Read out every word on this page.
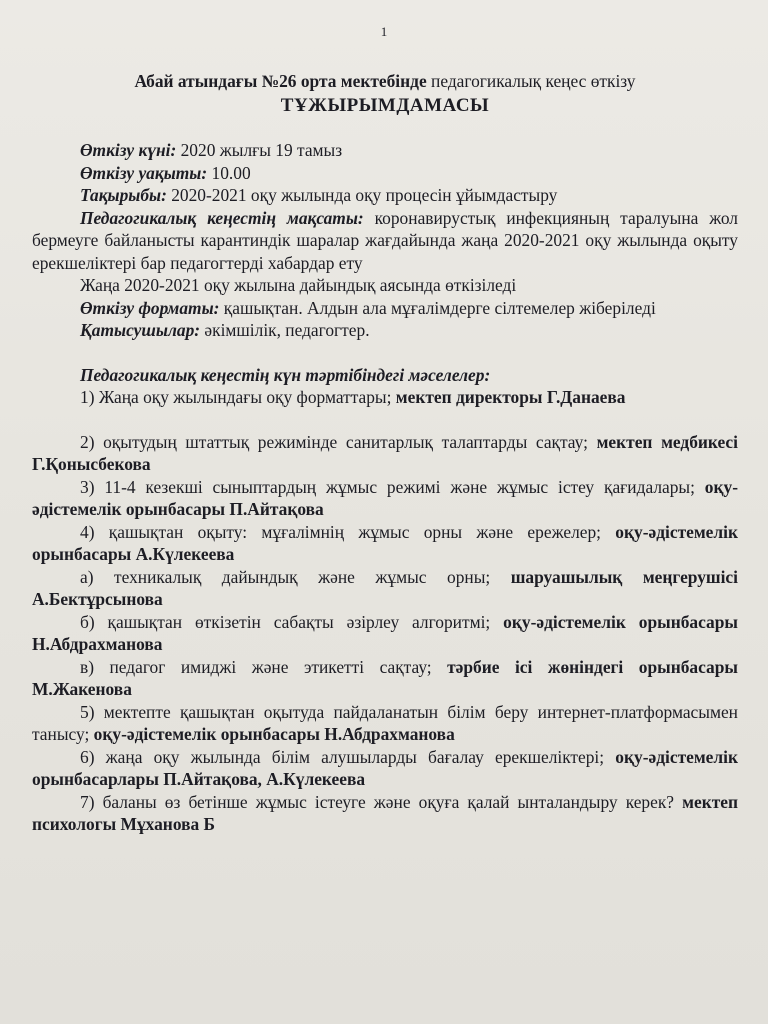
1
Абай атындағы №26 орта мектебінде педагогикалық кеңес өткізу
ТҰЖЫРЫМДАМАСЫ

Өткізу күні: 2020 жылғы 19 тамыз

Өткізу уақыты: 10.00

Тақырыбы: 2020-2021 оқу жылында оқу процесін ұйымдастыру

Педагогикалық кеңестің мақсаты: коронавирустық инфекцияның таралуына жол бермеуге байланысты карантиндік шаралар жағдайында жаңа 2020-2021 оқу жылында оқыту ерекшеліктері бар педагогтерді хабардар ету

Жаңа 2020-2021 оқу жылына дайындық аясында өткізіледі

Өткізу форматы: қашықтан. Алдын ала мұғалімдерге сілтемелер жіберіледі

Қатысушылар: әкімшілік, педагогтер.

Педагогикалық кеңестің күн тәртібіндегі мәселелер:

1) Жаңа оқу жылындағы оқу форматтары; мектеп директоры Г.Данаева

2) оқытудың штаттық режимінде санитарлық талаптарды сақтау; мектеп медбикесі Г.Қонысбекова

3) 11-4 кезекші сыныптардың жұмыс режимі және жұмыс істеу қағидалары; оқу-әдістемелік орынбасары П.Айтақова

4) қашықтан оқыту: мұғалімнің жұмыс орны және ережелер; оқу-әдістемелік орынбасары А.Күлекеева

а) техникалық дайындық және жұмыс орны; шаруашылық меңгерушісі А.Бектұрсынова

б) қашықтан өткізетін сабақты әзірлеу алгоритмі; оқу-әдістемелік орынбасары Н.Абдрахманова

в) педагог имиджі және этикетті сақтау; тәрбие ісі жөніндегі орынбасары М.Жакенова

5) мектепте қашықтан оқытуда пайдаланатын білім беру интернет-платформасымен танысу; оқу-әдістемелік орынбасары Н.Абдрахманова

6) жаңа оқу жылында білім алушыларды бағалау ерекшеліктері; оқу-әдістемелік орынбасарлары П.Айтақова, А.Күлекеева

7) баланы өз бетінше жұмыс істеуге және оқуға қалай ынталандыру керек? мектеп психологы Мұханова Б
